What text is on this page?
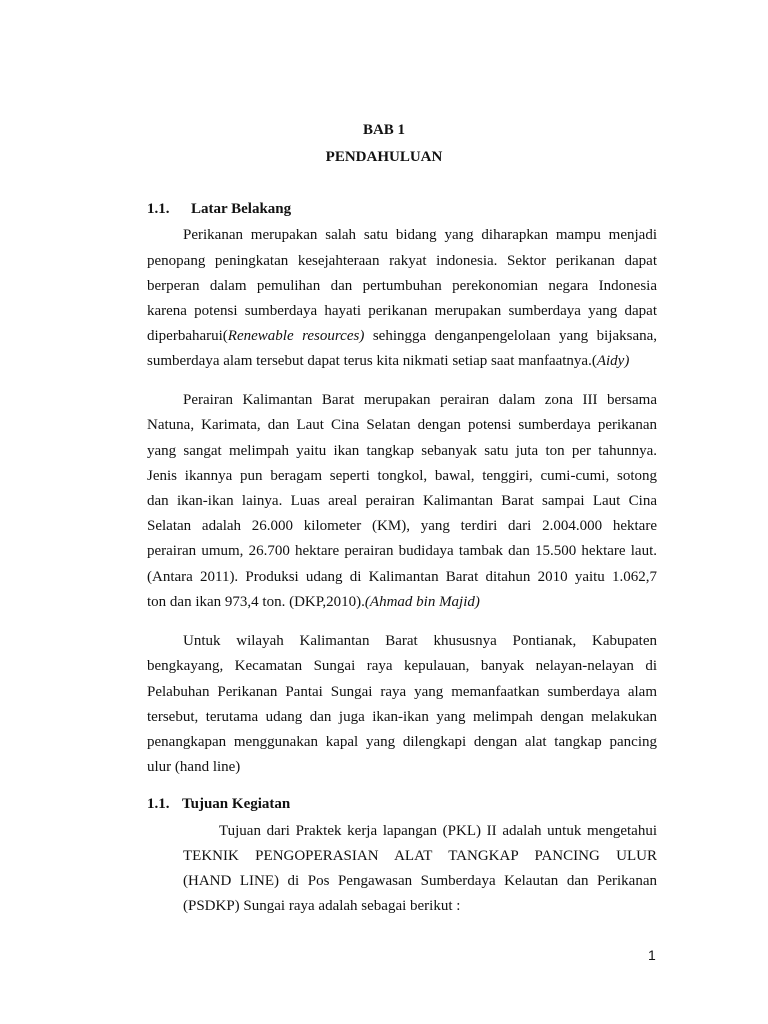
BAB 1
PENDAHULUAN
1.1. Latar Belakang
Perikanan merupakan salah satu bidang yang diharapkan mampu menjadi
penopang peningkatan kesejahteraan rakyat indonesia. Sektor perikanan dapat
berperan dalam pemulihan dan pertumbuhan perekonomian negara Indonesia
karena potensi sumberdaya hayati perikanan merupakan sumberdaya yang dapat
diperbaharui(Renewable resources) sehingga denganpengelolaan yang bijaksana,
sumberdaya alam tersebut dapat terus kita nikmati setiap saat manfaatnya.(Aidy)
Perairan Kalimantan Barat merupakan perairan dalam zona III bersama
Natuna, Karimata, dan Laut Cina Selatan dengan potensi sumberdaya perikanan
yang sangat melimpah yaitu ikan tangkap sebanyak satu juta ton per tahunnya.
Jenis ikannya pun beragam seperti tongkol, bawal, tenggiri, cumi-cumi, sotong
dan ikan-ikan lainya. Luas areal perairan Kalimantan Barat sampai Laut Cina
Selatan adalah 26.000 kilometer (KM), yang terdiri dari 2.004.000 hektare
perairan umum, 26.700 hektare perairan budidaya tambak dan 15.500 hektare laut.
(Antara 2011). Produksi udang di Kalimantan Barat ditahun 2010 yaitu 1.062,7
ton dan ikan 973,4 ton. (DKP,2010).(Ahmad bin Majid)
Untuk wilayah Kalimantan Barat khususnya Pontianak, Kabupaten
bengkayang, Kecamatan Sungai raya kepulauan, banyak nelayan-nelayan di
Pelabuhan Perikanan Pantai Sungai raya yang memanfaatkan sumberdaya alam
tersebut, terutama udang dan juga ikan-ikan yang melimpah dengan melakukan
penangkapan menggunakan kapal yang dilengkapi dengan alat tangkap pancing
ulur (hand line)
1.1. Tujuan Kegiatan
Tujuan dari Praktek kerja lapangan (PKL) II adalah untuk mengetahui
TEKNIK PENGOPERASIAN ALAT TANGKAP PANCING ULUR
(HAND LINE) di Pos Pengawasan Sumberdaya Kelautan dan Perikanan
(PSDKP) Sungai raya adalah sebagai berikut :
1
